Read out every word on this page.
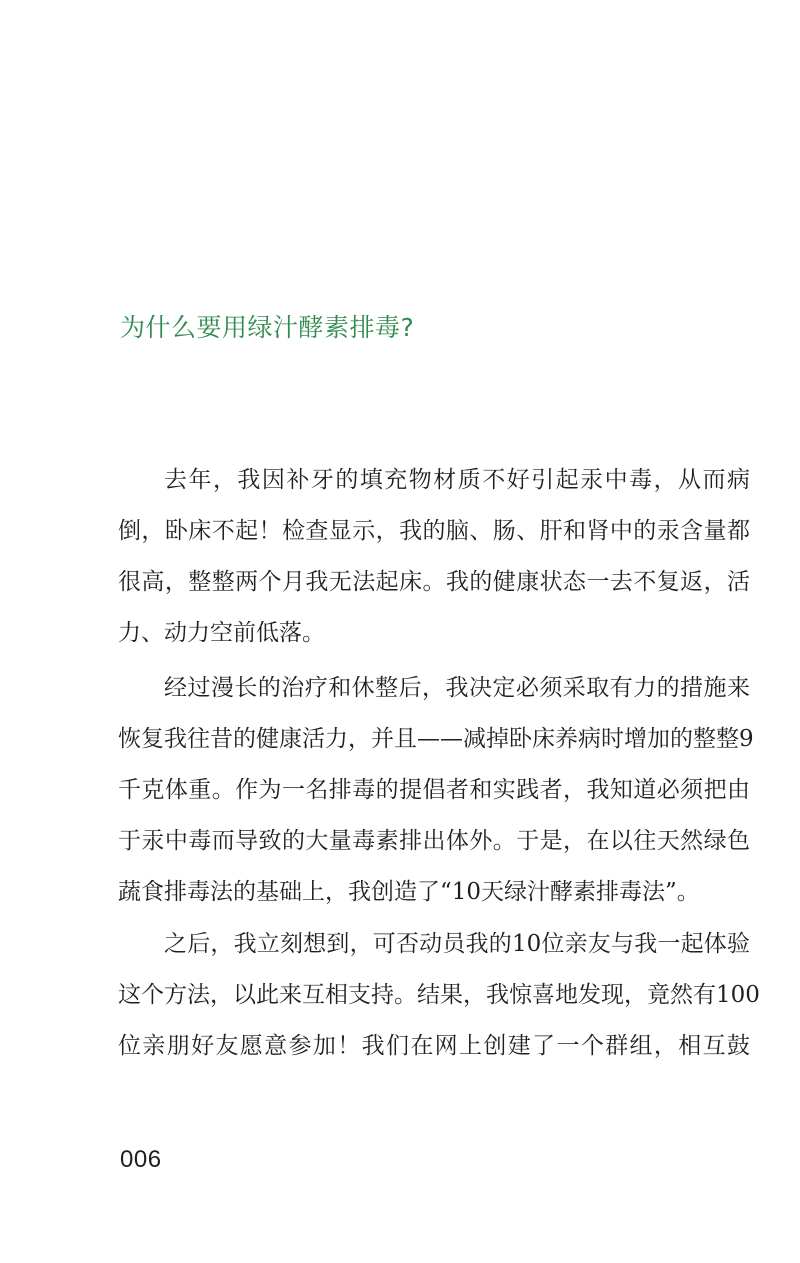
为什么要用绿汁酵素排毒?
去年，我因补牙的填充物材质不好引起汞中毒，从而病
倒，卧床不起！检查显示，我的脑、肠、肝和肾中的汞含量都
很高，整整两个月我无法起床。我的健康状态一去不复返，活
力、动力空前低落。
经过漫长的治疗和休整后，我决定必须采取有力的措施来
恢复我往昔的健康活力，并且——减掉卧床养病时增加的整整9
千克体重。作为一名排毒的提倡者和实践者，我知道必须把由
于汞中毒而导致的大量毒素排出体外。于是，在以往天然绿色
蔬食排毒法的基础上，我创造了“10天绿汁酵素排毒法”。
之后，我立刻想到，可否动员我的10位亲友与我一起体验
这个方法，以此来互相支持。结果，我惊喜地发现，竟然有100
位亲朋好友愿意参加！我们在网上创建了一个群组，相互鼓
006
